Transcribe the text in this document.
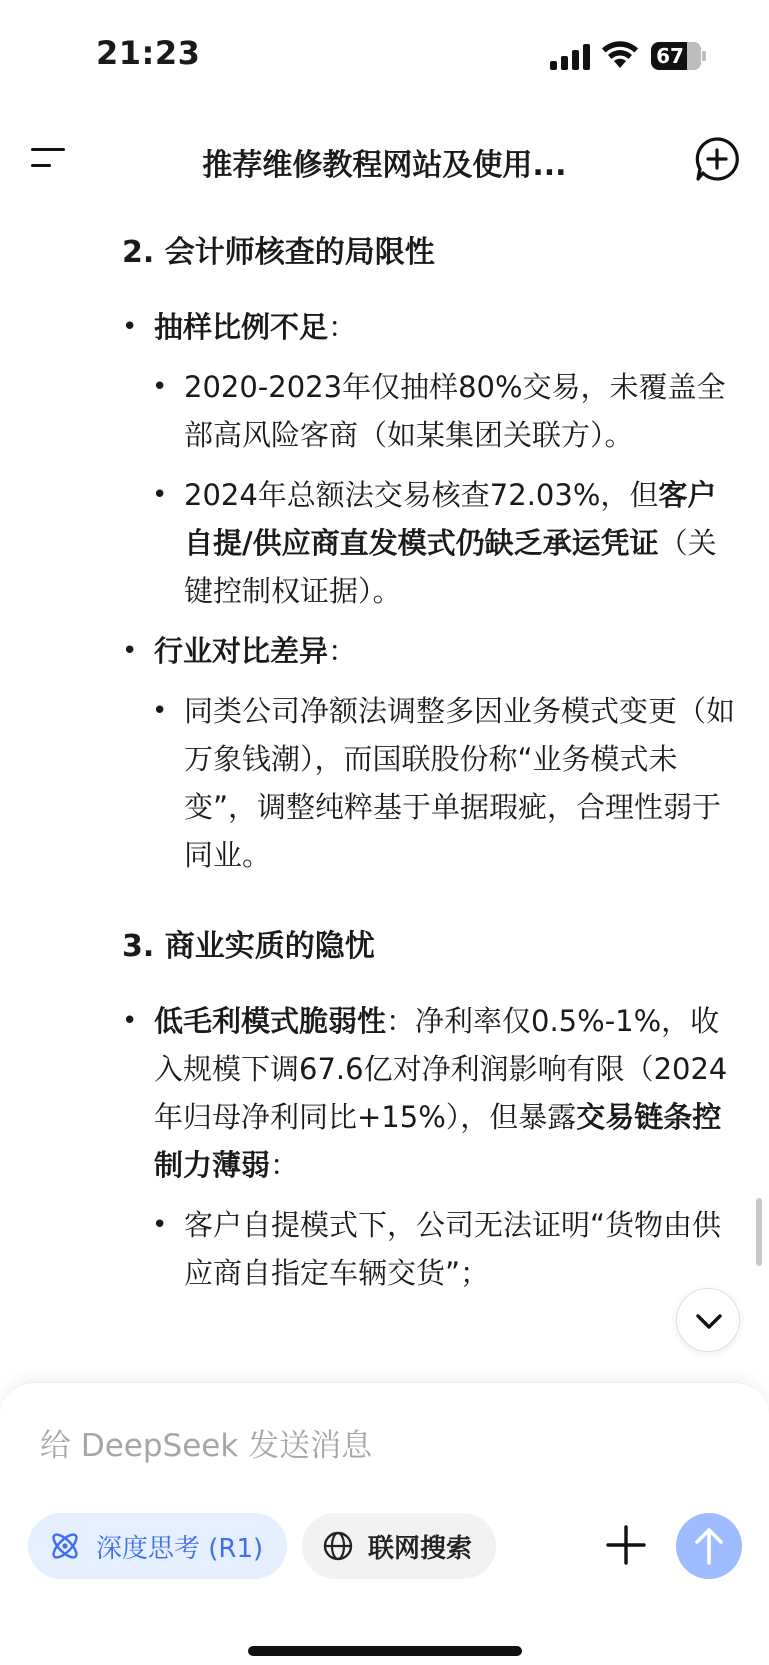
21:23	67
推荐维修教程网站及使用...
2. 会计师核查的局限性
• 抽样比例不足：
• 2020-2023年仅抽样80%交易，未覆盖全部高风险客商（如某集团关联方）。
• 2024年总额法交易核查72.03%，但客户自提/供应商直发模式仍缺乏承运凭证（关键控制权证据）。
• 行业对比差异：
• 同类公司净额法调整多因业务模式变更（如万象钱潮），而国联股份称“业务模式未变”，调整纯粹基于单据瑕疵，合理性弱于同业。
3. 商业实质的隐忧
• 低毛利模式脆弱性：净利率仅0.5%-1%，收入规模下调67.6亿对净利润影响有限（2024年归母净利同比+15%），但暴露交易链条控制力薄弱：
• 客户自提模式下，公司无法证明“货物由供应商自指定车辆交货”；
给 DeepSeek 发送消息
深度思考 (R1)	联网搜索
